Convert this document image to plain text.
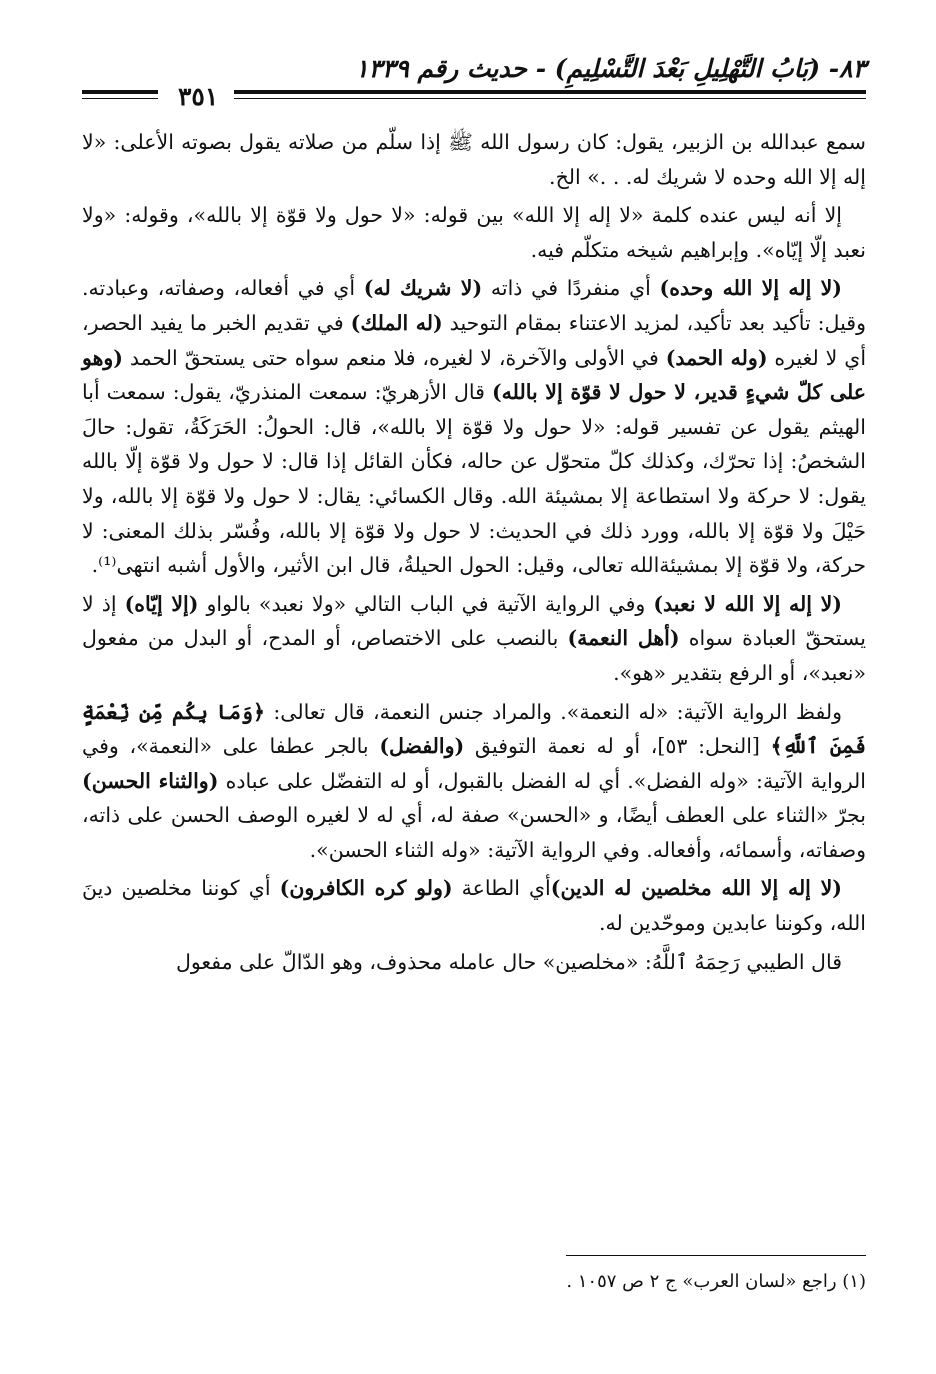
٨٣- (بَابُ التَّهْلِيلِ بَعْدَ التَّسْلِيمِ) - حديث رقم ١٣٣٩
٣٥١

سمع عبدالله بن الزبير، يقول: كان رسول الله ﷺ إذا سلّم من صلاته يقول بصوته الأعلى: «لا إله إلا الله وحده لا شريك له. . .» الخ.

إلا أنه ليس عنده كلمة «لا إله إلا الله» بين قوله: «لا حول ولا قوّة إلا بالله»، وقوله: «ولا نعبد إلّا إيّاه». وإبراهيم شيخه متكلّم فيه.

(لا إله إلا الله وحده) أي منفردًا في ذاته (لا شريك له) أي في أفعاله، وصفاته، وعبادته. وقيل: تأكيد بعد تأكيد، لمزيد الاعتناء بمقام التوحيد (له الملك) في تقديم الخبر ما يفيد الحصر، أي لا لغيره (وله الحمد) في الأولى والآخرة، لا لغيره، فلا منعم سواه حتى يستحقّ الحمد (وهو على كلّ شيءٍ قدير، لا حول لا قوّة إلا بالله) قال الأزهريّ: سمعت المنذريّ، يقول: سمعت أبا الهيثم يقول عن تفسير قوله: «لا حول ولا قوّة إلا بالله»، قال: الحولُ: الحَرَكَةُ، تقول: حالَ الشخصُ: إذا تحرّك، وكذلك كلّ متحوّل عن حاله، فكأن القائل إذا قال: لا حول ولا قوّة إلّا بالله يقول: لا حركة ولا استطاعة إلا بمشيئة الله. وقال الكسائي: يقال: لا حول ولا قوّة إلا بالله، ولا حَيْلَ ولا قوّة إلا بالله، وورد ذلك في الحديث: لا حول ولا قوّة إلا بالله، وفُسّر بذلك المعنى: لا حركة، ولا قوّة إلا بمشيئةالله تعالى، وقيل: الحول الحيلةُ، قال ابن الأثير، والأول أشبه انتهى⁽¹⁾.

(لا إله إلا الله لا نعبد) وفي الرواية الآتية في الباب التالي «ولا نعبد» بالواو (إلا إيّاه) إذ لا يستحقّ العبادة سواه (أهل النعمة) بالنصب على الاختصاص، أو المدح، أو البدل من مفعول «نعبد»، أو الرفع بتقدير «هو».

ولفظ الرواية الآتية: «له النعمة». والمراد جنس النعمة، قال تعالى: ﴿وَمَا بِكُم مِّن نِّعْمَةٍ فَمِنَ ٱللَّهِ﴾ [النحل: ٥٣]، أو له نعمة التوفيق (والفضل) بالجر عطفا على «النعمة»، وفي الرواية الآتية: «وله الفضل». أي له الفضل بالقبول، أو له التفضّل على عباده (والثناء الحسن) بجرّ «الثناء على العطف أيضًا، و «الحسن» صفة له، أي له لا لغيره الوصف الحسن على ذاته، وصفاته، وأسمائه، وأفعاله. وفي الرواية الآتية: «وله الثناء الحسن».

(لا إله إلا الله مخلصين له الدين)أي الطاعة (ولو كره الكافرون) أي كوننا مخلصين دينَ الله، وكوننا عابدين وموحّدين له.

قال الطيبي رَحِمَهُ ٱللَّهُ: «مخلصين» حال عامله محذوف، وهو الدّالّ على مفعول

(١) راجع «لسان العرب» ج ٢ ص ١٠٥٧ .
